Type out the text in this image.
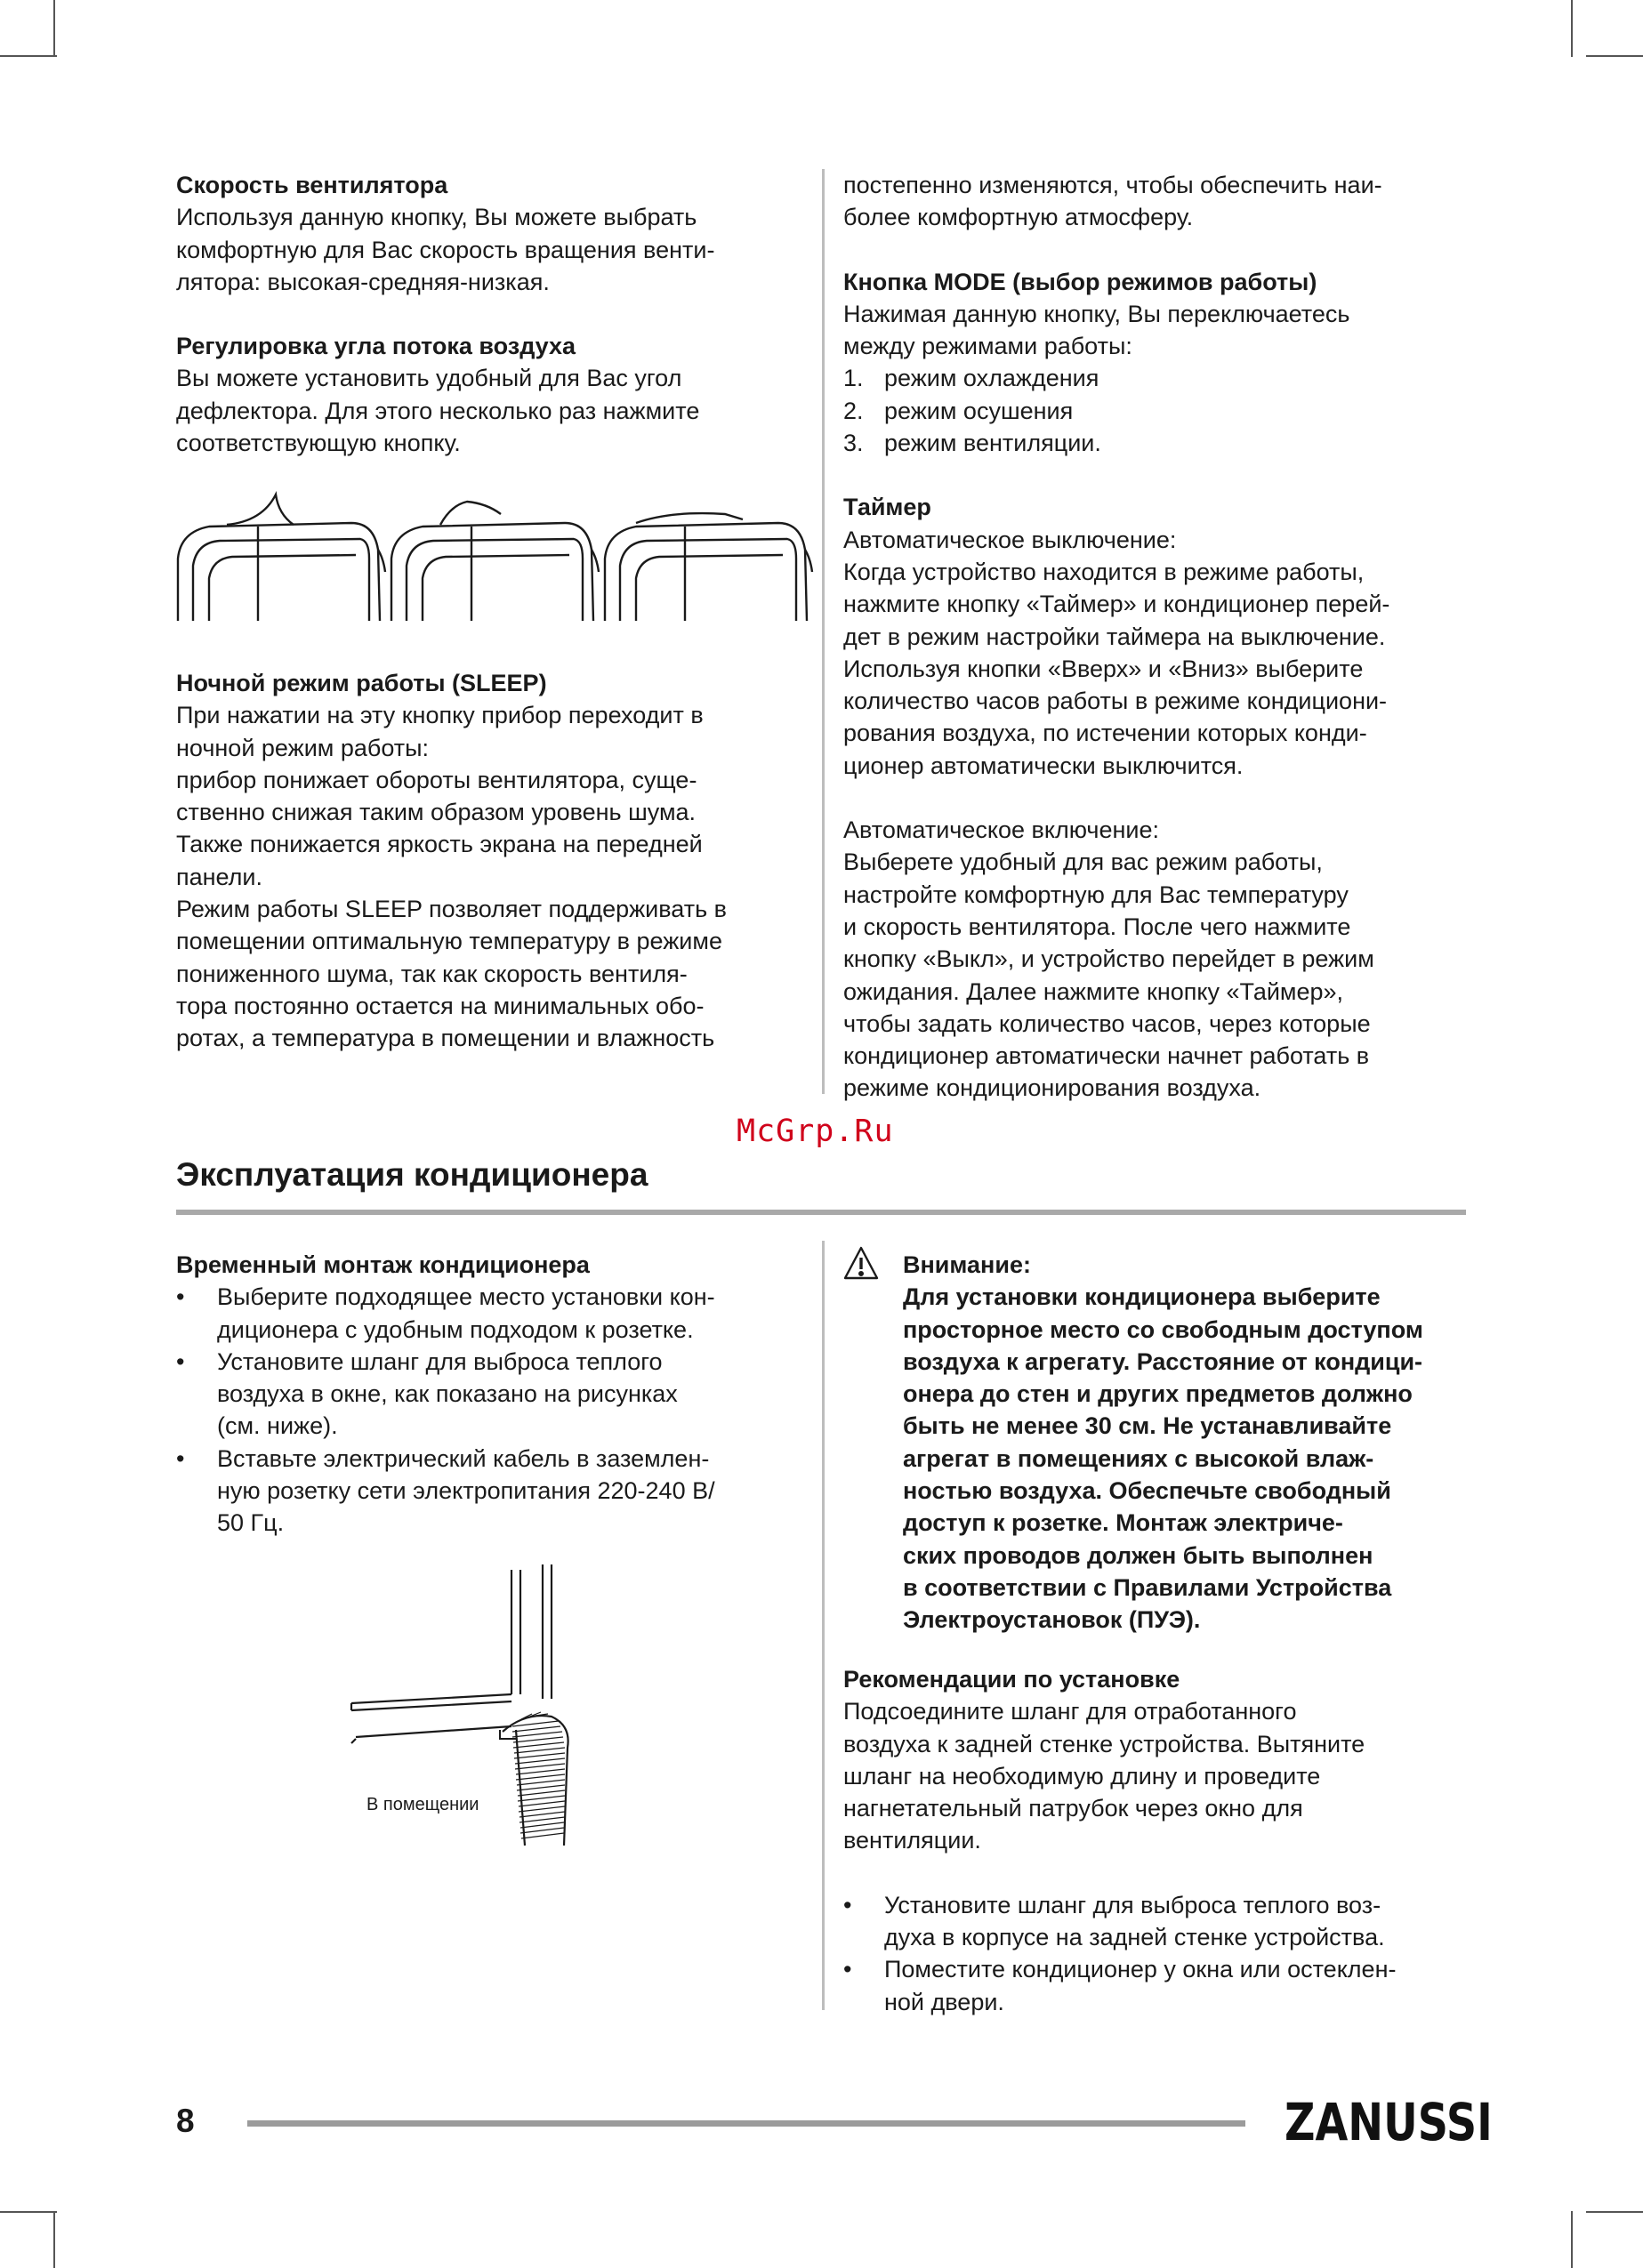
Скорость вентилятора

Используя данную кнопку, Вы можете выбрать

комфортную для Вас скорость вращения венти-

лятора: высокая-средняя-низкая.

Регулировка угла потока воздуха

Вы можете установить удобный для Вас угол

дефлектора. Для этого несколько раз нажмите

соответствующую кнопку.

Ночной режим работы (SLEEP)

При нажатии на эту кнопку прибор переходит в

ночной режим работы:

прибор понижает обороты вентилятора, суще-

ственно снижая таким образом уровень шума.

Также понижается яркость экрана на передней

панели.

Режим работы SLEEP позволяет поддерживать в

помещении оптимальную температуру в режиме

пониженного шума, так как скорость вентиля-

тора постоянно остается на минимальных обо-

ротах, а температура в помещении и влажность

постепенно изменяются, чтобы обеспечить наи-

более комфортную атмосферу.

Кнопка MODE (выбор режимов работы)

Нажимая данную кнопку, Вы переключаетесь

между режимами работы:

1. режим охлаждения
2. режим осушения
3. режим вентиляции.
Таймер

Автоматическое выключение:

Когда устройство находится в режиме работы,

нажмите кнопку «Таймер» и кондиционер перей-

дет в режим настройки таймера на выключение.

Используя кнопки «Вверх» и «Вниз» выберите

количество часов работы в режиме кондициони-

рования воздуха, по истечении которых конди-

ционер автоматически выключится.

Автоматическое включение:

Выберете удобный для вас режим работы,

настройте комфортную для Вас температуру

и скорость вентилятора. После чего нажмите

кнопку «Выкл», и устройство перейдет в режим

ожидания. Далее нажмите кнопку «Таймер»,

чтобы задать количество часов, через которые

кондиционер автоматически начнет работать в

режиме кондиционирования воздуха.

McGrp.Ru
Эксплуатация кондиционера
Временный монтаж кондиционера
• Выберите подходящее место установки кон-
диционера с удобным подходом к розетке.
• Установите шланг для выброса теплого
воздуха в окне, как показано на рисунках
(см. ниже).
• Вставьте электрический кабель в заземлен-
ную розетку сети электропитания 220-240 В/
50 Гц.
В помещении

Внимание:

Для установки кондиционера выберите

просторное место со свободным доступом

воздуха к агрегату. Расстояние от кондици-

онера до стен и других предметов должно

быть не менее 30 см. Не устанавливайте

агрегат в помещениях с высокой влаж-

ностью воздуха. Обеспечьте свободный

доступ к розетке. Монтаж электриче-

ских проводов должен быть выполнен

в соответствии с Правилами Устройства

Электроустановок (ПУЭ).

Рекомендации по установке

Подсоедините шланг для отработанного

воздуха к задней стенке устройства. Вытяните

шланг на необходимую длину и проведите

нагнетательный патрубок через окно для

вентиляции.

• Установите шланг для выброса теплого воз-
духа в корпусе на задней стенке устройства.
• Поместите кондиционер у окна или остеклен-
ной двери.
8	ZANUSSI
